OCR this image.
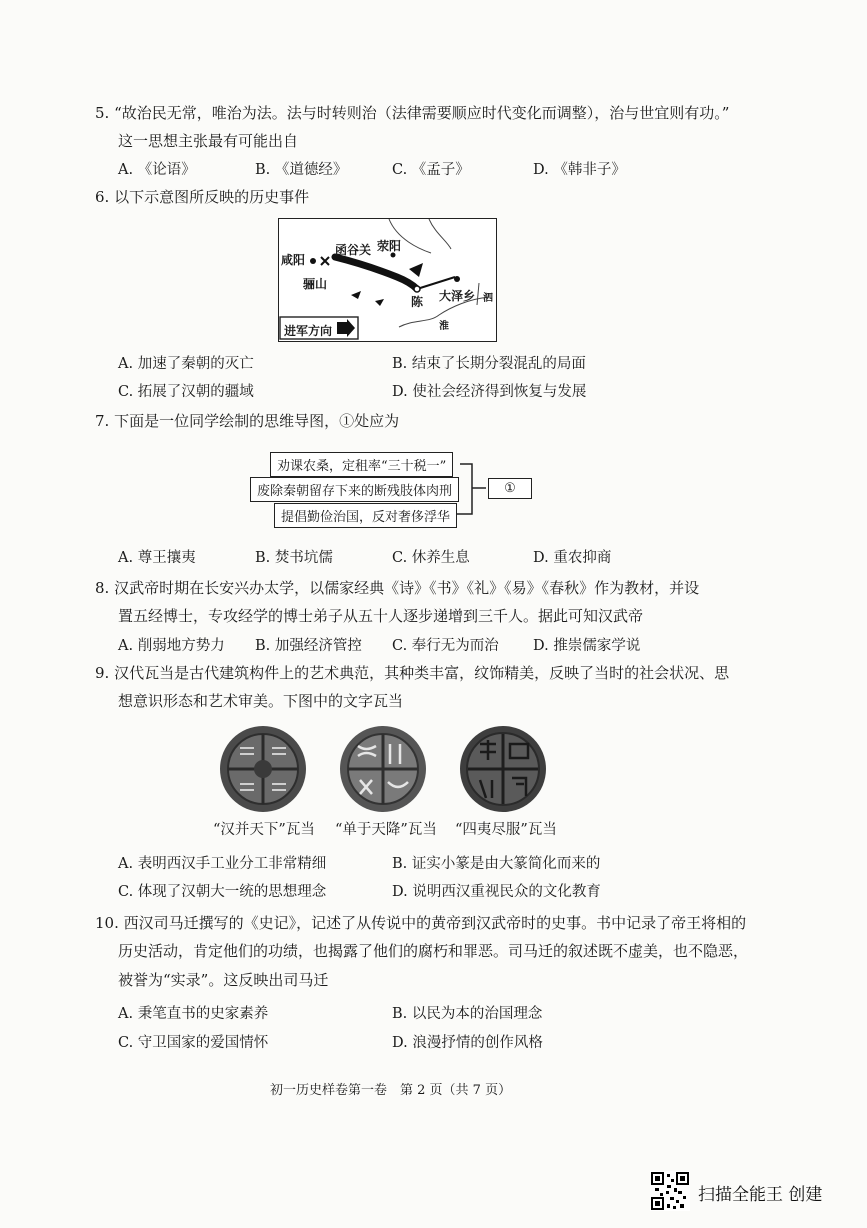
5. “故治民无常，唯治为法。法与时转则治（法律需要顺应时代变化而调整），治与世宜则有功。”
这一思想主张最有可能出自
A. 《论语》	B. 《道德经》	C. 《孟子》	D. 《韩非子》
6. 以下示意图所反映的历史事件
咸阳
函谷关 荥阳
骊山
陈 大泽乡
淮
泗
进军方向
A. 加速了秦朝的灭亡	B. 结束了长期分裂混乱的局面
C. 拓展了汉朝的疆域	D. 使社会经济得到恢复与发展
7. 下面是一位同学绘制的思维导图，①处应为
劝课农桑，定租率“三十税一”
废除秦朝留存下来的断残肢体肉刑
提倡勤俭治国，反对奢侈浮华
①
A. 尊王攘夷	B. 焚书坑儒	C. 休养生息	D. 重农抑商
8. 汉武帝时期在长安兴办太学，以儒家经典《诗》《书》《礼》《易》《春秋》作为教材，并设
置五经博士，专攻经学的博士弟子从五十人逐步递增到三千人。据此可知汉武帝
A. 削弱地方势力 B. 加强经济管控 C. 奉行无为而治 D. 推崇儒家学说
9. 汉代瓦当是古代建筑构件上的艺术典范，其种类丰富，纹饰精美，反映了当时的社会状况、思
想意识形态和艺术审美。下图中的文字瓦当
“汉并天下”瓦当 “单于天降”瓦当 “四夷尽服”瓦当
A. 表明西汉手工业分工非常精细	B. 证实小篆是由大篆简化而来的
C. 体现了汉朝大一统的思想理念	D. 说明西汉重视民众的文化教育
10. 西汉司马迁撰写的《史记》，记述了从传说中的黄帝到汉武帝时的史事。书中记录了帝王将相的
历史活动，肯定他们的功绩，也揭露了他们的腐朽和罪恶。司马迁的叙述既不虚美，也不隐恶，
被誉为“实录”。这反映出司马迁
A. 秉笔直书的史家素养	B. 以民为本的治国理念
C. 守卫国家的爱国情怀	D. 浪漫抒情的创作风格
初一历史样卷第一卷　第 2 页（共 7 页）
扫描全能王 创建
